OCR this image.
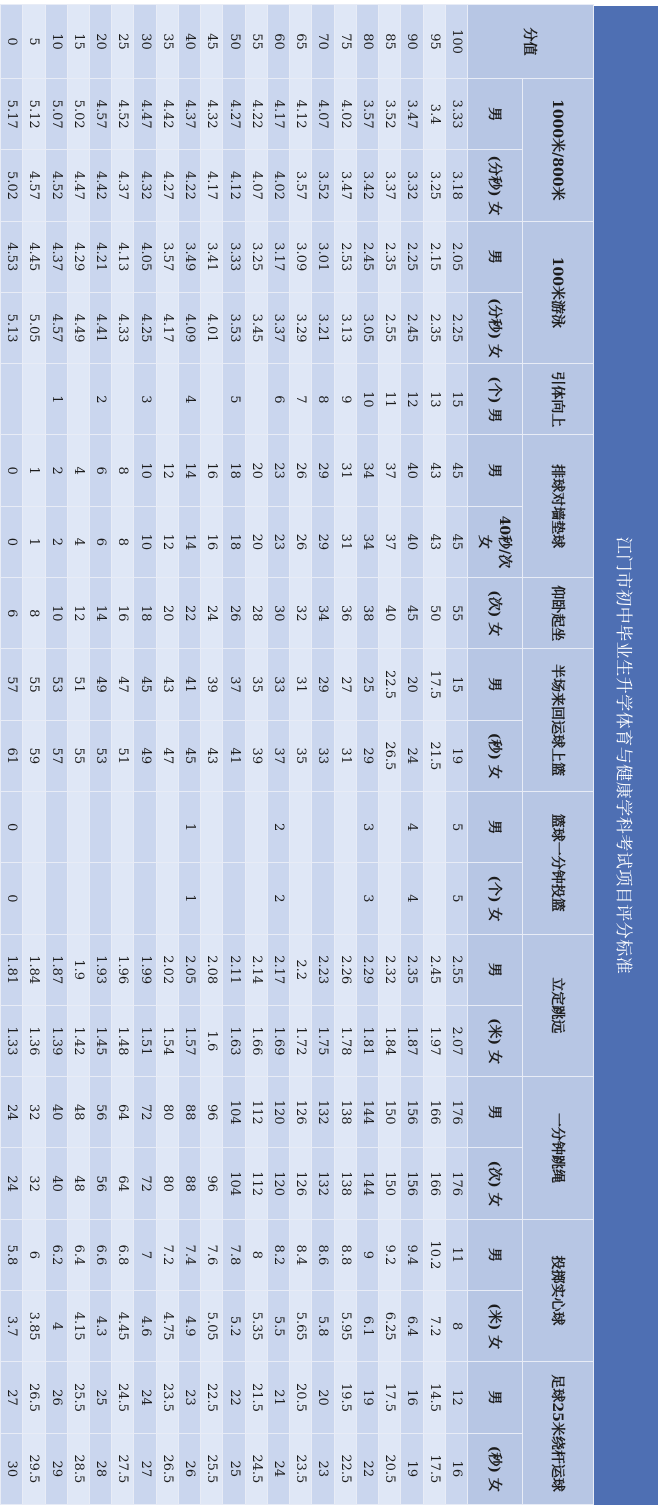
江门市初中毕业生升学体育与健康学科考试项目评分标准
分值	1000米/800米		100米游泳		引体向上	排球对墙垫球		仰卧起坐	半场来回运球上篮		篮球一分钟投篮		立定跳远		一分钟跳绳		投掷实心球		足球25米绕杆运球	
	男	(分秒) 女	男	(分秒) 女	(个) 男	男	40秒/次 女	(次) 女	男	(秒) 女	男	(个) 女	男	(米) 女	男	(次) 女	男	(米) 女	男	(秒) 女
100	3.33	3.18	2.05	2.25	15	45	45	55	15	19	5	5	2.55	2.07	176	176	11	8	12	16
95	3.4	3.25	2.15	2.35	13	43	43	50	17.5	21.5			2.45	1.97	166	166	10.2	7.2	14.5	17.5
90	3.47	3.32	2.25	2.45	12	40	40	45	20	24	4	4	2.35	1.87	156	156	9.4	6.4	16	19
85	3.52	3.37	2.35	2.55	11	37	37	40	22.5	26.5			2.32	1.84	150	150	9.2	6.25	17.5	20.5
80	3.57	3.42	2.45	3.05	10	34	34	38	25	29	3	3	2.29	1.81	144	144	9	6.1	19	22
75	4.02	3.47	2.53	3.13	9	31	31	36	27	31			2.26	1.78	138	138	8.8	5.95	19.5	22.5
70	4.07	3.52	3.01	3.21	8	29	29	34	29	33			2.23	1.75	132	132	8.6	5.8	20	23
65	4.12	3.57	3.09	3.29	7	26	26	32	31	35			2.2	1.72	126	126	8.4	5.65	20.5	23.5
60	4.17	4.02	3.17	3.37	6	23	23	30	33	37	2	2	2.17	1.69	120	120	8.2	5.5	21	24
55	4.22	4.07	3.25	3.45		20	20	28	35	39			2.14	1.66	112	112	8	5.35	21.5	24.5
50	4.27	4.12	3.33	3.53	5	18	18	26	37	41			2.11	1.63	104	104	7.8	5.2	22	25
45	4.32	4.17	3.41	4.01		16	16	24	39	43			2.08	1.6	96	96	7.6	5.05	22.5	25.5
40	4.37	4.22	3.49	4.09	4	14	14	22	41	45	1	1	2.05	1.57	88	88	7.4	4.9	23	26
35	4.42	4.27	3.57	4.17		12	12	20	43	47			2.02	1.54	80	80	7.2	4.75	23.5	26.5
30	4.47	4.32	4.05	4.25	3	10	10	18	45	49			1.99	1.51	72	72	7	4.6	24	27
25	4.52	4.37	4.13	4.33		8	8	16	47	51			1.96	1.48	64	64	6.8	4.45	24.5	27.5
20	4.57	4.42	4.21	4.41	2	6	6	14	49	53			1.93	1.45	56	56	6.6	4.3	25	28
15	5.02	4.47	4.29	4.49		4	4	12	51	55			1.9	1.42	48	48	6.4	4.15	25.5	28.5
10	5.07	4.52	4.37	4.57	1	2	2	10	53	57			1.87	1.39	40	40	6.2	4	26	29
5	5.12	4.57	4.45	5.05		1	1	8	55	59			1.84	1.36	32	32	6	3.85	26.5	29.5
0	5.17	5.02	4.53	5.13		0	0	6	57	61	0	0	1.81	1.33	24	24	5.8	3.7	27	30
